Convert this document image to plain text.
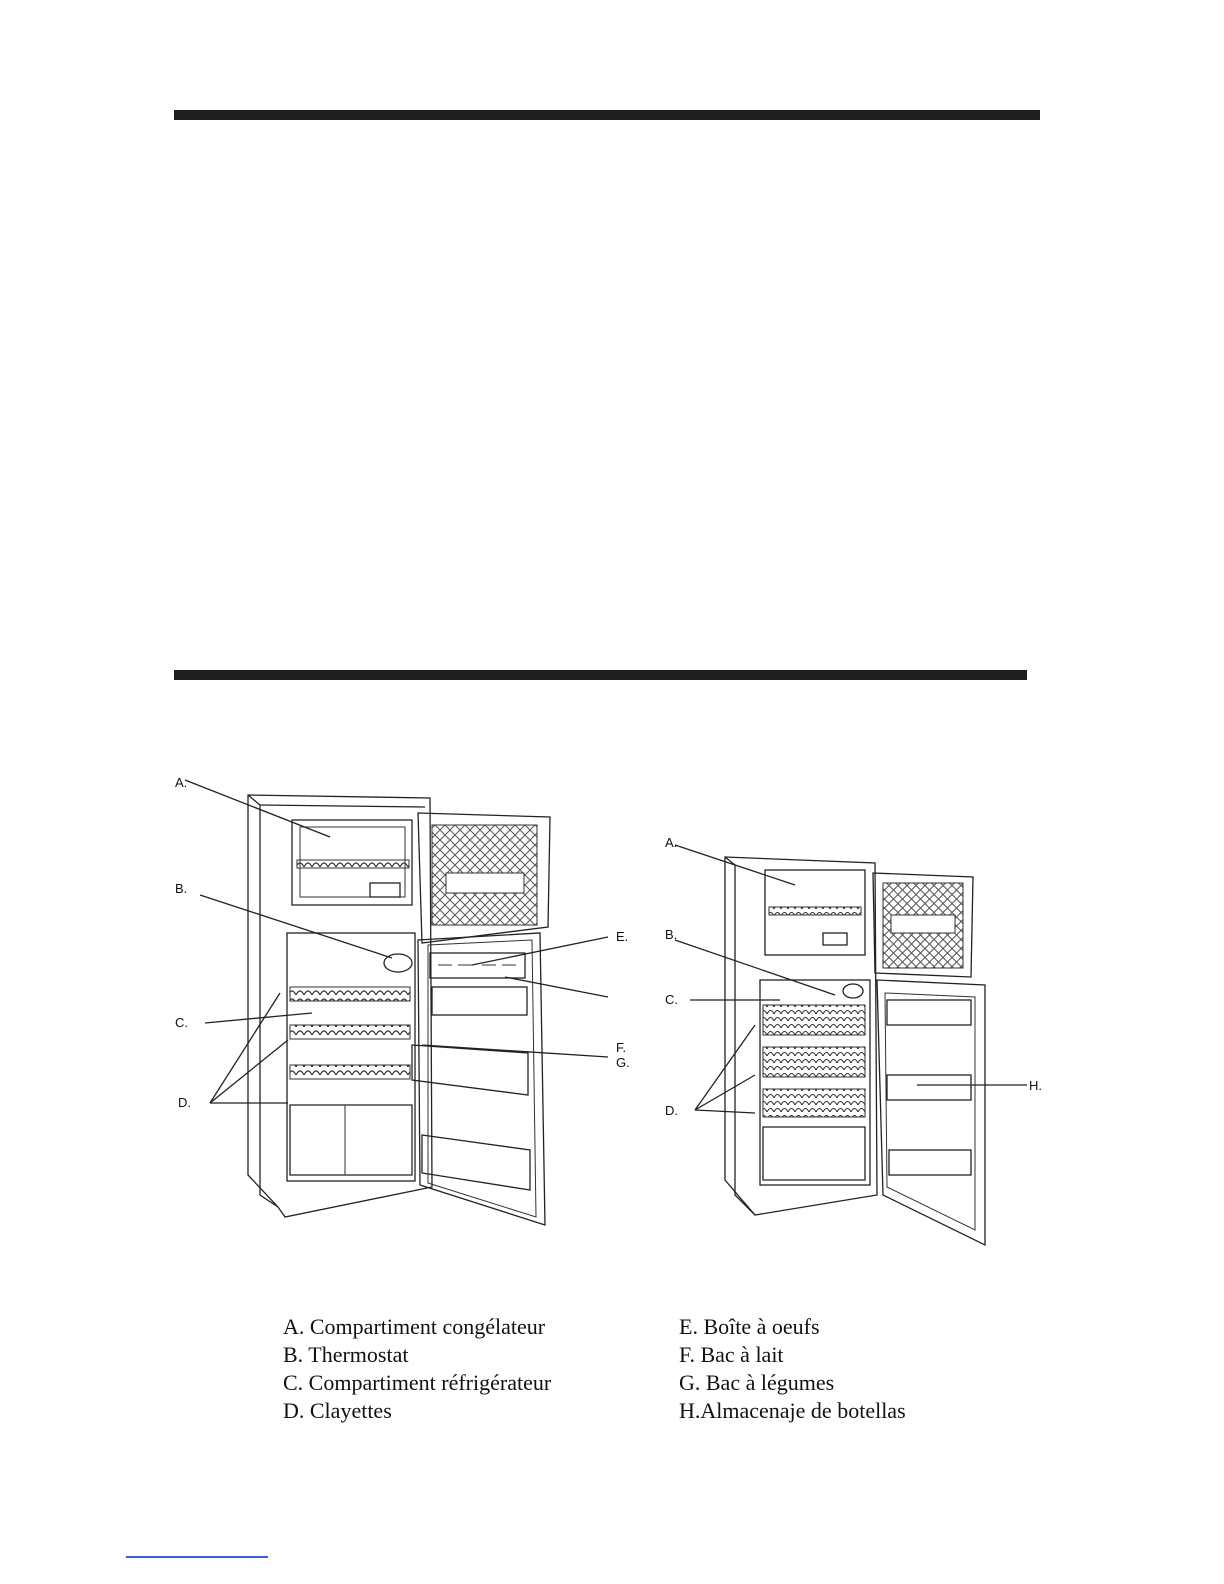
A.
B.
C.
D.
E.
F.
G.
A.
B.
C.
D.
H.
A. Compartiment congélateur
B. Thermostat
C. Compartiment réfrigérateur
D. Clayettes
E. Boîte à oeufs
F. Bac à lait
G. Bac à légumes
H.Almacenaje de botellas
